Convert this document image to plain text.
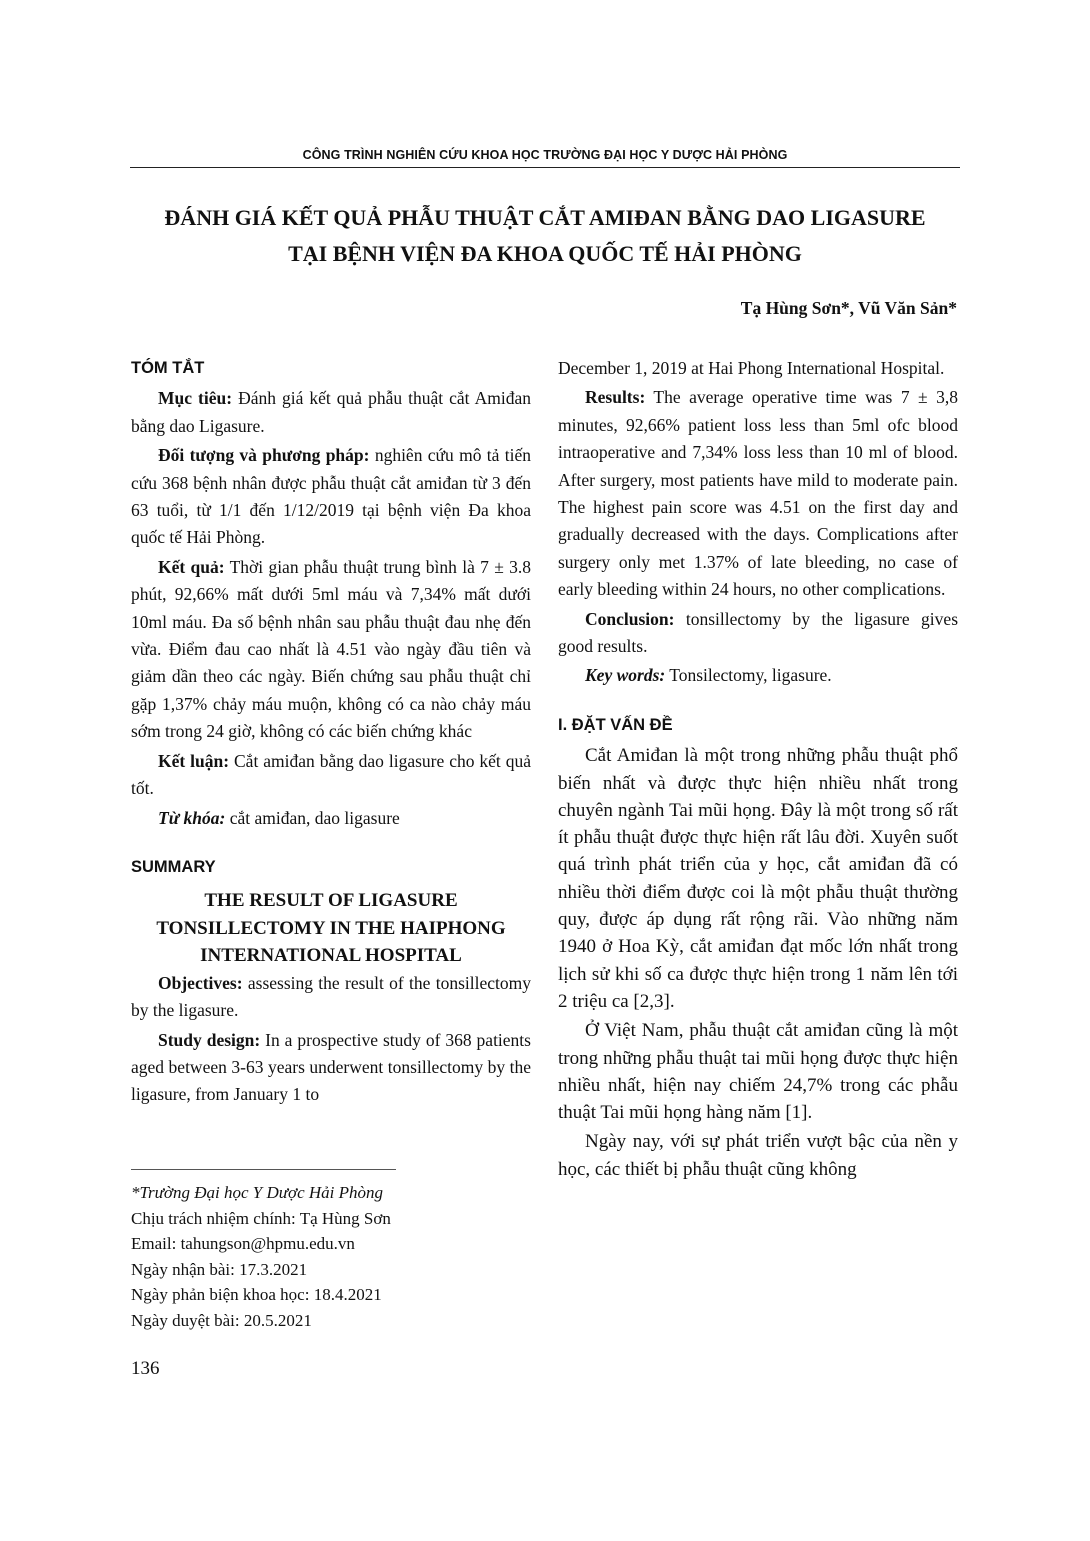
CÔNG TRÌNH NGHIÊN CỨU KHOA HỌC TRƯỜNG ĐẠI HỌC Y DƯỢC HẢI PHÒNG
ĐÁNH GIÁ KẾT QUẢ PHẪU THUẬT CẮT AMIĐAN BẰNG DAO LIGASURE
TẠI BỆNH VIỆN ĐA KHOA QUỐC TẾ HẢI PHÒNG
Tạ Hùng Sơn*, Vũ Văn Sản*
TÓM TẮT

Mục tiêu: Đánh giá kết quả phẫu thuật cắt Amiđan bằng dao Ligasure.

Đối tượng và phương pháp: nghiên cứu mô tả tiến cứu 368 bệnh nhân được phẫu thuật cắt amiđan từ 3 đến 63 tuổi, từ 1/1 đến 1/12/2019 tại bệnh viện Đa khoa quốc tế Hải Phòng.

Kết quả: Thời gian phẫu thuật trung bình là 7 ± 3.8 phút, 92,66% mất dưới 5ml máu và 7,34% mất dưới 10ml máu. Đa số bệnh nhân sau phẫu thuật đau nhẹ đến vừa. Điểm đau cao nhất là 4.51 vào ngày đầu tiên và giảm dần theo các ngày. Biến chứng sau phẫu thuật chỉ gặp 1,37% chảy máu muộn, không có ca nào chảy máu sớm trong 24 giờ, không có các biến chứng khác

Kết luận: Cắt amiđan bằng dao ligasure cho kết quả tốt.

Từ khóa: cắt amiđan, dao ligasure

SUMMARY
THE RESULT OF LIGASURE TONSILLECTOMY IN THE HAIPHONG INTERNATIONAL HOSPITAL

Objectives: assessing the result of the tonsillectomy by the ligasure.

Study design: In a prospective study of 368 patients aged between 3-63 years underwent tonsillectomy by the ligasure, from January 1 to

*Trường Đại học Y Dược Hải Phòng
Chịu trách nhiệm chính: Tạ Hùng Sơn
Email: tahungson@hpmu.edu.vn
Ngày nhận bài: 17.3.2021
Ngày phản biện khoa học: 18.4.2021
Ngày duyệt bài: 20.5.2021
136

December 1, 2019 at Hai Phong International Hospital.

Results: The average operative time was 7 ± 3,8 minutes, 92,66% patient loss less than 5ml ofc blood intraoperative and 7,34% loss less than 10 ml of blood. After surgery, most patients have mild to moderate pain. The highest pain score was 4.51 on the first day and gradually decreased with the days. Complications after surgery only met 1.37% of late bleeding, no case of early bleeding within 24 hours, no other complications.

Conclusion: tonsillectomy by the ligasure gives good results.

Key words: Tonsilectomy, ligasure.

I. ĐẶT VẤN ĐỀ

Cắt Amiđan là một trong những phẫu thuật phổ biến nhất và được thực hiện nhiều nhất trong chuyên ngành Tai mũi họng. Đây là một trong số rất ít phẫu thuật được thực hiện rất lâu đời. Xuyên suốt quá trình phát triển của y học, cắt amiđan đã có nhiều thời điểm được coi là một phẫu thuật thường quy, được áp dụng rất rộng rãi. Vào những năm 1940 ở Hoa Kỳ, cắt amiđan đạt mốc lớn nhất trong lịch sử khi số ca được thực hiện trong 1 năm lên tới 2 triệu ca [2,3].

Ở Việt Nam, phẫu thuật cắt amiđan cũng là một trong những phẫu thuật tai mũi họng được thực hiện nhiều nhất, hiện nay chiếm 24,7% trong các phẫu thuật Tai mũi họng hàng năm [1].

Ngày nay, với sự phát triển vượt bậc của nền y học, các thiết bị phẫu thuật cũng không
